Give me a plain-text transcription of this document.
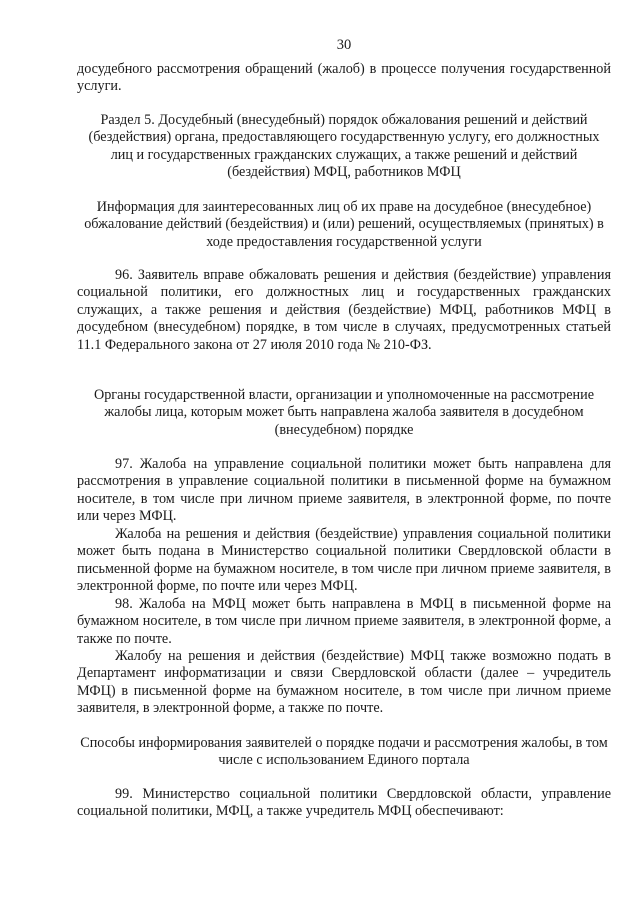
30

досудебного рассмотрения обращений (жалоб) в процессе получения государственной услуги.

Раздел 5. Досудебный (внесудебный) порядок обжалования решений и действий (бездействия) органа, предоставляющего государственную услугу, его должностных лиц и государственных гражданских служащих, а также решений и действий (бездействия) МФЦ, работников МФЦ

Информация для заинтересованных лиц об их праве на досудебное (внесудебное) обжалование действий (бездействия) и (или) решений, осуществляемых (принятых) в ходе предоставления государственной услуги

96. Заявитель вправе обжаловать решения и действия (бездействие) управления социальной политики, его должностных лиц и государственных гражданских служащих, а также решения и действия (бездействие) МФЦ, работников МФЦ в досудебном (внесудебном) порядке, в том числе в случаях, предусмотренных статьей 11.1 Федерального закона от 27 июля 2010 года № 210-ФЗ.

Органы государственной власти, организации и уполномоченные на рассмотрение жалобы лица, которым может быть направлена жалоба заявителя в досудебном (внесудебном) порядке

97. Жалоба на управление социальной политики может быть направлена для рассмотрения в управление социальной политики в письменной форме на бумажном носителе, в том числе при личном приеме заявителя, в электронной форме, по почте или через МФЦ.

Жалоба на решения и действия (бездействие) управления социальной политики может быть подана в Министерство социальной политики Свердловской области в письменной форме на бумажном носителе, в том числе при личном приеме заявителя, в электронной форме, по почте или через МФЦ.

98. Жалоба на МФЦ может быть направлена в МФЦ в письменной форме на бумажном носителе, в том числе при личном приеме заявителя, в электронной форме, а также по почте.

Жалобу на решения и действия (бездействие) МФЦ также возможно подать в Департамент информатизации и связи Свердловской области (далее – учредитель МФЦ) в письменной форме на бумажном носителе, в том числе при личном приеме заявителя, в электронной форме, а также по почте.

Способы информирования заявителей о порядке подачи и рассмотрения жалобы, в том числе с использованием Единого портала

99. Министерство социальной политики Свердловской области, управление социальной политики, МФЦ, а также учредитель МФЦ обеспечивают:
